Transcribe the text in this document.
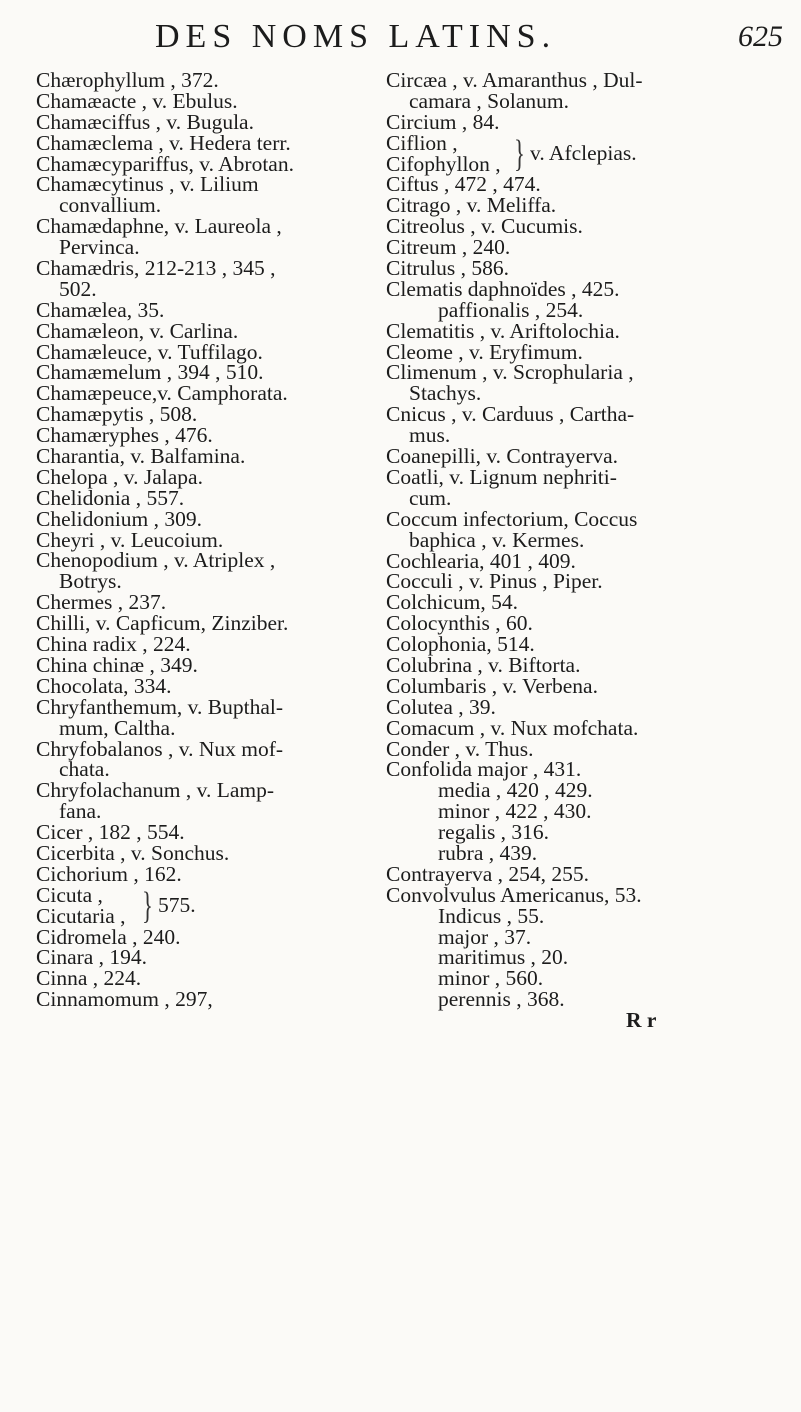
DES NOMS LATINS.	625
Chærophyllum , 372.
Chamæacte , v. Ebulus.
Chamæciffus , v. Bugula.
Chamæclema , v. Hedera terr.
Chamæcypariffus, v. Abrotan.
Chamæcytinus , v. Lilium
convallium.
Chamædaphne, v. Laureola ,
Pervinca.
Chamædris, 212-213 , 345 ,
502.
Chamælea, 35.
Chamæleon, v. Carlina.
Chamæleuce, v. Tuffilago.
Chamæmelum , 394 , 510.
Chamæpeuce,v. Camphorata.
Chamæpytis , 508.
Chamæryphes , 476.
Charantia, v. Balfamina.
Chelopa , v. Jalapa.
Chelidonia , 557.
Chelidonium , 309.
Cheyri , v. Leucoium.
Chenopodium , v. Atriplex ,
Botrys.
Chermes , 237.
Chilli, v. Capficum, Zinziber.
China radix , 224.
China chinæ , 349.
Chocolata, 334.
Chryfanthemum, v. Bupthal-
mum, Caltha.
Chryfobalanos , v. Nux mof-
chata.
Chryfolachanum , v. Lamp-
fana.
Cicer , 182 , 554.
Cicerbita , v. Sonchus.
Cichorium , 162.
Cicuta ,
Cicutaria , } 575.
Cidromela , 240.
Cinara , 194.
Cinna , 224.
Cinnamomum , 297,
Circæa , v. Amaranthus , Dul-
camara , Solanum.
Circium , 84.
Ciflion ,
Cifophyllon , } v. Afclepias.
Ciftus , 472 , 474.
Citrago , v. Meliffa.
Citreolus , v. Cucumis.
Citreum , 240.
Citrulus , 586.
Clematis daphnoïdes , 425.
paffionalis , 254.
Clematitis , v. Ariftolochia.
Cleome , v. Eryfimum.
Climenum , v. Scrophularia ,
Stachys.
Cnicus , v. Carduus , Cartha-
mus.
Coanepilli, v. Contrayerva.
Coatli, v. Lignum nephriti-
cum.
Coccum infectorium, Coccus
baphica , v. Kermes.
Cochlearia, 401 , 409.
Cocculi , v. Pinus , Piper.
Colchicum, 54.
Colocynthis , 60.
Colophonia, 514.
Colubrina , v. Biftorta.
Columbaris , v. Verbena.
Colutea , 39.
Comacum , v. Nux mofchata.
Conder , v. Thus.
Confolida major , 431.
media , 420 , 429.
minor , 422 , 430.
regalis , 316.
rubra , 439.
Contrayerva , 254, 255.
Convolvulus Americanus, 53.
Indicus , 55.
major , 37.
maritimus , 20.
minor , 560.
perennis , 368.
R r
